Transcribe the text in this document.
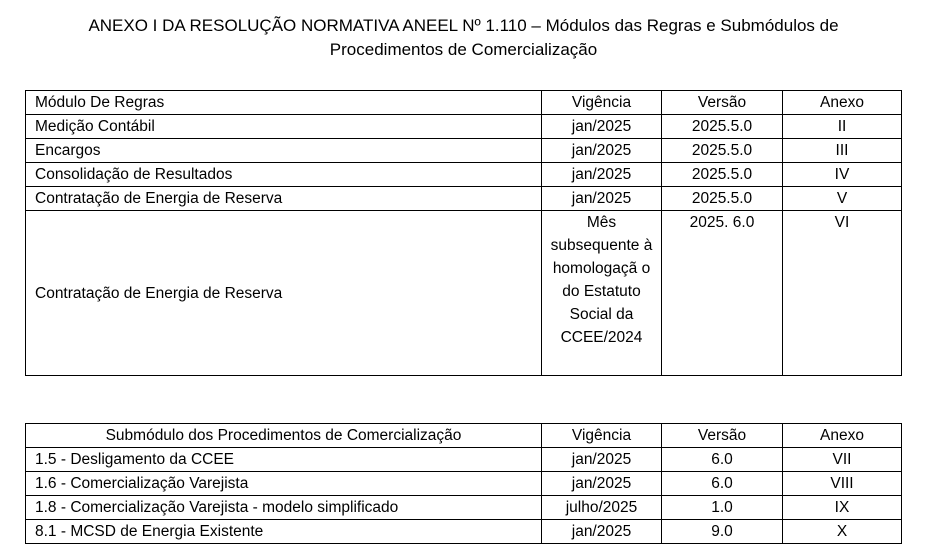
ANEXO I DA RESOLUÇÃO NORMATIVA ANEEL Nº 1.110 – Módulos das Regras e Submódulos de
Procedimentos de Comercialização
Módulo De Regras	Vigência	Versão	Anexo
Medição Contábil	jan/2025	2025.5.0	II
Encargos	jan/2025	2025.5.0	III
Consolidação de Resultados	jan/2025	2025.5.0	IV
Contratação de Energia de Reserva	jan/2025	2025.5.0	V
Contratação de Energia de Reserva	Mês subsequente à homologaçã o do Estatuto Social da CCEE/2024	2025. 6.0	VI
Submódulo dos Procedimentos de Comercialização	Vigência	Versão	Anexo
1.5 - Desligamento da CCEE	jan/2025	6.0	VII
1.6 - Comercialização Varejista	jan/2025	6.0	VIII
1.8 - Comercialização Varejista - modelo simplificado	julho/2025	1.0	IX
8.1 - MCSD de Energia Existente	jan/2025	9.0	X
